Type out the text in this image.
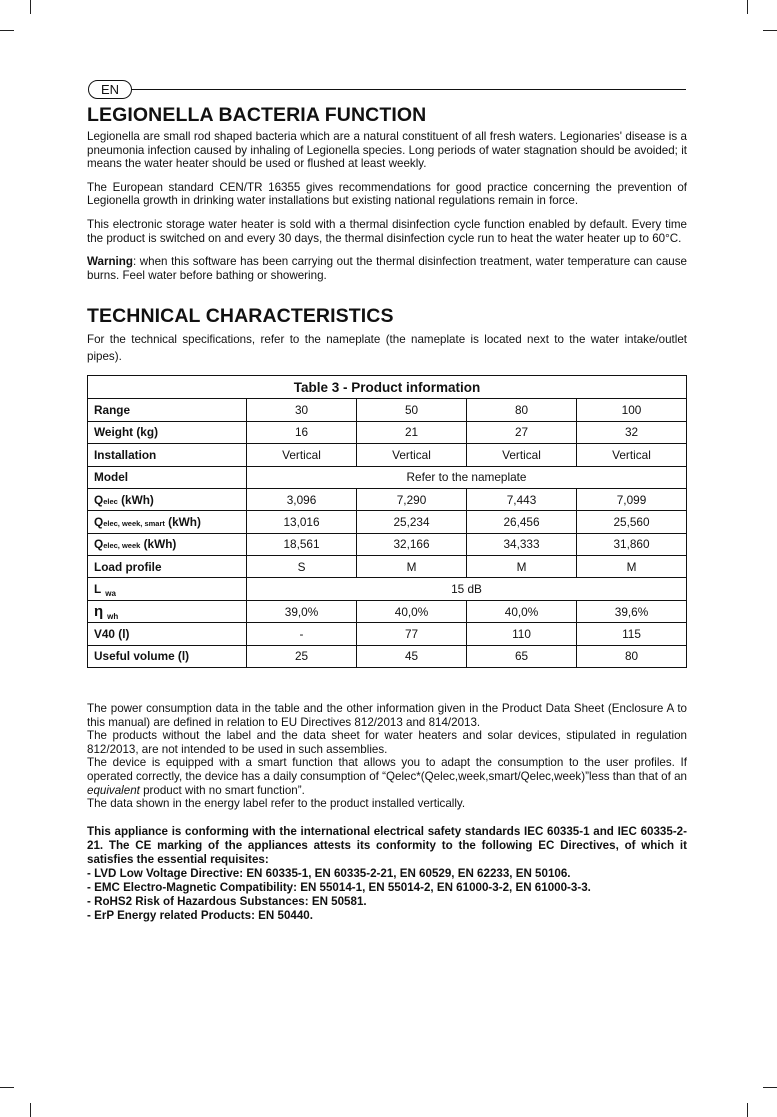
EN
LEGIONELLA BACTERIA FUNCTION

Legionella are small rod shaped bacteria which are a natural constituent of all fresh waters. Legionaries' disease is a pneumonia infection caused by inhaling of Legionella species. Long periods of water stagnation should be avoided; it means the water heater should be used or flushed at least weekly.

The European standard CEN/TR 16355 gives recommendations for good practice concerning the prevention of Legionella growth in drinking water installations but existing national regulations remain in force.

This electronic storage water heater is sold with a thermal disinfection cycle function enabled by default. Every time the product is switched on and every 30 days, the thermal disinfection cycle run to heat the water heater up to 60°C.

Warning: when this software has been carrying out the thermal disinfection treatment, water temperature can cause burns. Feel water before bathing or showering.

TECHNICAL CHARACTERISTICS

For the technical specifications, refer to the nameplate (the nameplate is located next to the water intake/outlet pipes).

Table 3 - Product information				
Range	30	50	80	100
Weight (kg)	16	21	27	32
Installation	Vertical	Vertical	Vertical	Vertical
Model	Refer to the nameplate			
Qelec (kWh)	3,096	7,290	7,443	7,099
Qelec, week, smart (kWh)	13,016	25,234	26,456	25,560
Qelec, week (kWh)	18,561	32,166	34,333	31,860
Load profile	S	M	M	M
L $_{wa}$	15 dB			
η $_{wh}$	39,0%	40,0%	40,0%	39,6%
V40 (l)	-	77	110	115
Useful volume (l)	25	45	65	80

The power consumption data in the table and the other information given in the Product Data Sheet (Enclosure A to this manual) are defined in relation to EU Directives 812/2013 and 814/2013.

The products without the label and the data sheet for water heaters and solar devices, stipulated in regulation 812/2013, are not intended to be used in such assemblies.

The device is equipped with a smart function that allows you to adapt the consumption to the user profiles. If operated correctly, the device has a daily consumption of “Qelec*(Qelec,week,smart/Qelec,week)”less than that of an equivalent product with no smart function”.

The data shown in the energy label refer to the product installed vertically.

This appliance is conforming with the international electrical safety standards IEC 60335-1 and IEC 60335-2-21. The CE marking of the appliances attests its conformity to the following EC Directives, of which it satisfies the essential requisites:

- LVD Low Voltage Directive: EN 60335-1, EN 60335-2-21, EN 60529, EN 62233, EN 50106.
- EMC Electro-Magnetic Compatibility: EN 55014-1, EN 55014-2, EN 61000-3-2, EN 61000-3-3.
- RoHS2 Risk of Hazardous Substances: EN 50581.
- ErP Energy related Products: EN 50440.
